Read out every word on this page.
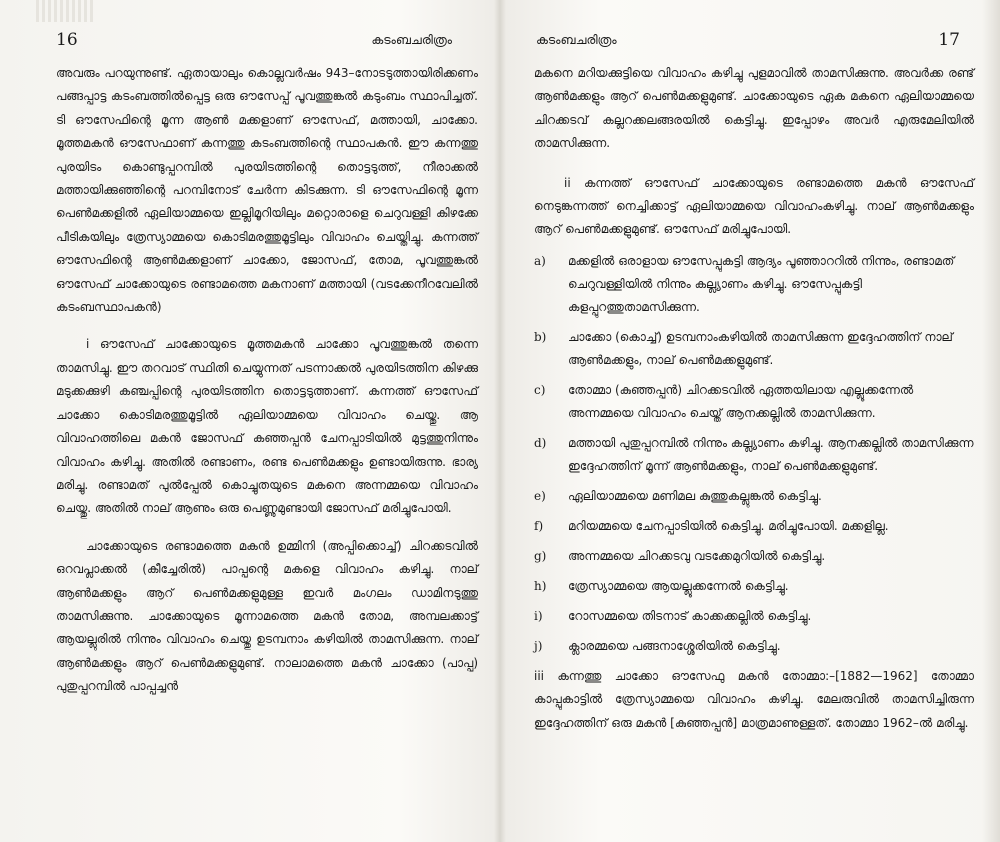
16	കടംബചരിത്രം

അവരും പറയുന്നുണ്ട്. ഏതായാലും കൊല്ലവർഷം 943–നോടടുത്തായിരിക്കണം പങ്ങപ്പാട്ട കടംബത്തിൽപ്പെട്ട ഒരു ഔസേപ്പ് പൂവത്തുങ്കൽ കടുംബം സ്ഥാപിച്ചത്. ടി ഔസേഫിന്റെ മൂന്ന ആൺ മക്കളാണ് ഔസേഫ്, മത്തായി, ചാക്കോ. മൂത്തമകൻ ഔസേഫാണ് കന്നത്തു കടംബത്തിന്റെ സ്ഥാപകൻ. ഈ കന്നത്തു പുരയിടം കൊണ്ടുപ്പറമ്പിൽ പുരയിടത്തിന്റെ തൊട്ടടുത്ത്, നീരാക്കൽ മത്തായിക്കുഞ്ഞിന്റെ പറമ്പിനോട് ചേർന്ന കിടക്കുന്ന. ടി ഔസേഫിന്റെ മൂന്ന പെൺമക്കളിൽ ഏലിയാമ്മയെ ഇല്ലിമൂറിയിലും മറ്റൊരാളെ ചെറുവള്ളി കിഴക്കേ പീടികയിലും ത്രേസ്യാമ്മയെ കൊടിമരത്തുമൂട്ടിലും വിവാഹം ചെയ്തിച്ചു. കന്നത്ത് ഔസേഫിന്റെ ആൺമക്കളാണ് ചാക്കോ, ജോസഫ്, തോമ, പൂവത്തുങ്കൽ ഔസേഫ് ചാക്കോയുടെ രണ്ടാമത്തെ മകനാണ് മത്തായി (വടക്കേനീറവേലിൽ കടംബസ്ഥാപകൻ)

i ഔസേഫ് ചാക്കോയുടെ മൂത്തമകൻ ചാക്കോ പൂവത്തുങ്കൽ തന്നെ താമസിച്ചു. ഈ തറവാട് സ്ഥിതി ചെയ്യുന്നത് പടന്നാക്കൽ പുരയിടത്തിന കിഴക്കു മടുക്കക്കുഴി കഞ്ചപ്പിന്റെ പുരയിടത്തിന തൊട്ടടുത്താണ്. കന്നത്ത് ഔസേഫ് ചാക്കോ കൊടിമരത്തുമൂട്ടിൽ ഏലിയാമ്മയെ വിവാഹം ചെയ്തു. ആ വിവാഹത്തിലെ മകൻ ജോസഫ് കഞ്ഞപ്പൻ ചേനപ്പാടിയിൽ മുട്ടത്തുനിന്നും വിവാഹം കഴിച്ചു. അതിൽ രണ്ടാണം, രണ്ട പെൺമക്കളും ഉണ്ടായിരുന്നു. ഭാര്യ മരിച്ചു. രണ്ടാമത് പുൽപ്പേൽ കൊച്ചുതയുടെ മകനെ അന്നമ്മയെ വിവാഹം ചെയ്തു. അതിൽ നാല് ആണും ഒരു പെണ്ണുമുണ്ടായി ജോസഫ് മരിച്ചുപോയി.

ചാക്കോയുടെ രണ്ടാമത്തെ മകൻ ഉമ്മിനി (അപ്പിക്കൊച്ച്) ചിറക്കടവിൽ ഒറവപ്ലാക്കൽ (കീച്ചേരിൽ) പാപ്പന്റെ മകളെ വിവാഹം കഴിച്ചു. നാല് ആൺമക്കളും ആറ് പെൺമക്കളുമുള്ള ഇവർ മംഗലം ഡാമിനടുത്തു താമസിക്കുന്നു. ചാക്കോയുടെ മൂന്നാമത്തെ മകൻ തോമ, അമ്പലക്കാട്ട് ആയല്ലുരിൽ നിന്നും വിവാഹം ചെയ്തു ഉടമ്പനാം കഴിയിൽ താമസിക്കുന്ന. നാല് ആൺമക്കളും ആറ് പെൺമക്കളുമുണ്ട്. നാലാമത്തെ മകൻ ചാക്കോ (പാപ്പ) പുതുപ്പറമ്പിൽ പാപ്പച്ചൻ

കടംബചരിത്രം	17

മകനെ മറിയക്കുട്ടിയെ വിവാഹം കഴിച്ചു പുളമാവിൽ താമസിക്കുന്നു. അവർക്ക രണ്ട് ആൺമക്കളും ആറ് പെൺമക്കളുമുണ്ട്. ചാക്കോയുടെ ഏക മകനെ ഏലിയാമ്മയെ ചിറക്കടവ് കല്ലറക്കലങ്ങരയിൽ കെട്ടിച്ചു. ഇപ്പോഴം അവർ എരുമേലിയിൽ താമസിക്കുന്ന.

ii കന്നത്ത് ഔസേഫ് ചാക്കോയുടെ രണ്ടാമത്തെ മകൻ ഔസേഫ് നെടുങ്കന്നത്ത് നെച്ചിക്കാട്ട് ഏലിയാമ്മയെ വിവാഹംകഴിച്ചു. നാല് ആൺമക്കളും ആറ് പെൺമക്കളുമുണ്ട്. ഔസേഫ് മരിച്ചുപോയി.

a) മക്കളിൽ ഒരാളായ ഔസേപ്പുകട്ടി ആദ്യം പൂഞ്ഞാററിൽ നിന്നും, രണ്ടാമത് ചെറുവള്ളിയിൽ നിന്നും കല്ല്യാണം കഴിച്ചു. ഔസേപ്പുകട്ടി കളപ്പുറത്തുതാമസിക്കുന്ന.
b) ചാക്കോ (കൊച്ച്) ഉടമ്പനാംകഴിയിൽ താമസിക്കുന്ന ഇദ്ദേഹത്തിന് നാല് ആൺമക്കളും, നാല് പെൺമക്കളുമുണ്ട്.
c) തോമ്മാ (കുഞ്ഞപ്പൻ) ചിറക്കടവിൽ ഏത്തയിലായ എല്ലൂക്കന്നേൽ അന്നമ്മയെ വിവാഹം ചെയ്ത് ആനക്കല്ലിൽ താമസിക്കുന്ന.
d) മത്തായി പുതുപ്പറമ്പിൽ നിന്നും കല്ല്യാണം കഴിച്ചു. ആനക്കല്ലിൽ താമസിക്കുന്ന ഇദ്ദേഹത്തിന് മൂന്ന് ആൺമക്കളും, നാല് പെൺമക്കളുമുണ്ട്.
e) ഏലിയാമ്മയെ മണിമല കുത്തുകല്ലുങ്കൽ കെട്ടിച്ചു.
f) മറിയമ്മയെ ചേനപ്പാടിയിൽ കെട്ടിച്ചു. മരിച്ചുപോയി. മക്കളില്ല.
g) അന്നമ്മയെ ചിറക്കടവു വടക്കേമുറിയിൽ കെട്ടിച്ചു.
h) ത്രേസ്യാമ്മയെ ആയല്ലൂക്കന്നേൽ കെട്ടിച്ചു.
i) റോസമ്മയെ തിടനാട് കാക്കക്കല്ലിൽ കെട്ടിച്ചു.
j) ക്ലാരമ്മയെ പങ്ങനാശ്ശേരിയിൽ കെട്ടിച്ചു.

iii കന്നത്തു ചാക്കോ ഔസേഫു മകൻ തോമ്മാ:–[1882—1962] തോമ്മാ കാപ്പുകാട്ടിൽ ത്രേസ്യാമ്മയെ വിവാഹം കഴിച്ചു. മേലരുവിൽ താമസിച്ചിരുന്ന ഇദ്ദേഹത്തിന് ഒരു മകൻ [കുഞ്ഞപ്പൻ] മാത്രമാണുള്ളത്. തോമ്മാ 1962–ൽ മരിച്ചു.
